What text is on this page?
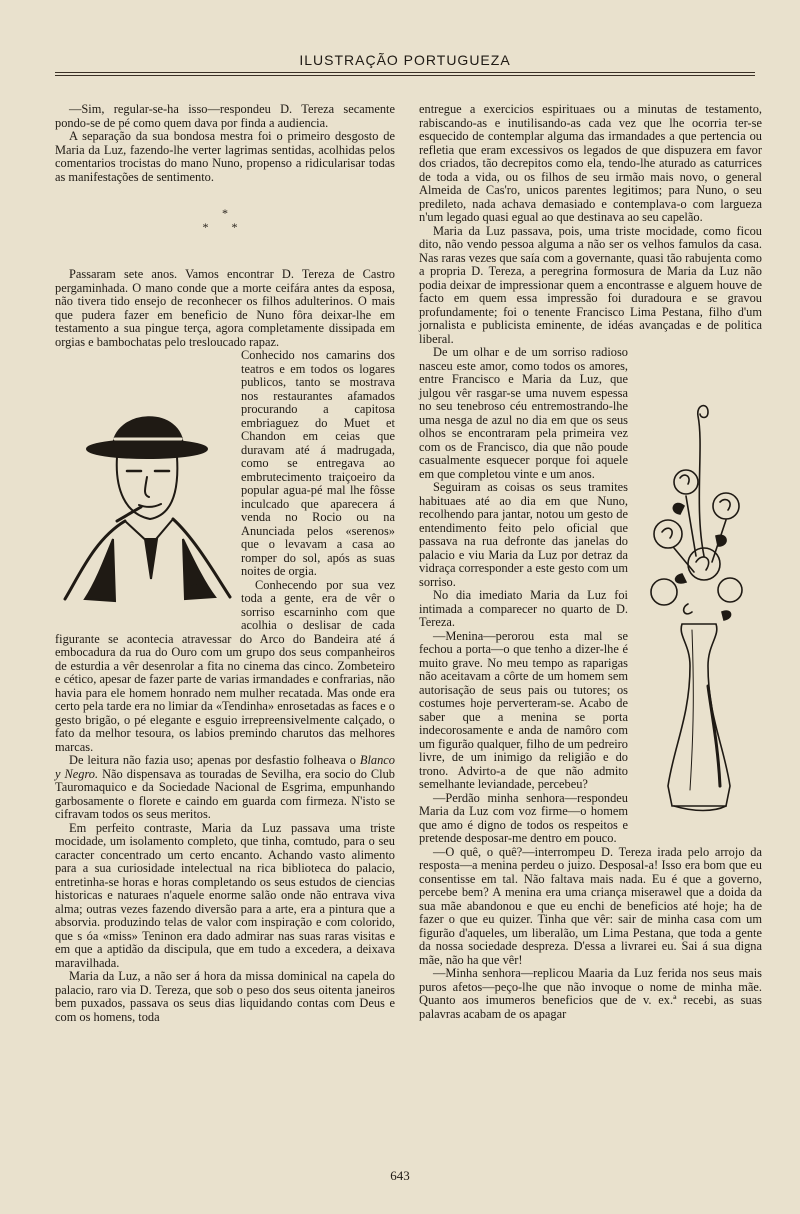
ILUSTRAÇÃO PORTUGUEZA

—Sim, regular-se-ha isso—respondeu D. Tereza secamente pondo-se de pé como quem dava por finda a audiencia.

A separação da sua bondosa mestra foi o primeiro desgosto de Maria da Luz, fazendo-lhe verter lagrimas sentidas, acolhidas pelos comentarios trocistas do mano Nuno, propenso a ridicularisar todas as manifestações de sentimento.

*
* *

Passaram sete anos. Vamos encontrar D. Tereza de Castro pergaminhada. O mano conde que a morte ceifára antes da esposa, não tivera tido ensejo de reconhecer os filhos adulterinos. O mais que pudera fazer em beneficio de Nuno fôra deixar-lhe em testamento a sua pingue terça, agora completamente dissipada em orgias e bambochatas pelo tresloucado rapaz.

Conhecido nos camarins dos teatros e em todos os logares publicos, tanto se mostrava nos restaurantes afamados procurando a capitosa embriaguez do Muet et Chandon em ceias que duravam até á madrugada, como se entregava ao embrutecimento traiçoeiro da popular agua-pé mal lhe fôsse inculcado que aparecera á venda no Rocio ou na Anunciada pelos «serenos» que o levavam a casa ao romper do sol, após as suas noites de orgia.

Conhecendo por sua vez toda a gente, era de vêr o sorriso escarninho com que acolhia o deslisar de cada figurante se acontecia atravessar do Arco do Bandeira até á embocadura da rua do Ouro com um grupo dos seus companheiros de esturdia a vêr desenrolar a fita no cinema das cinco. Zombeteiro e cético, apesar de fazer parte de varias irmandades e confrarias, não havia para ele homem honrado nem mulher recatada. Mas onde era certo pela tarde era no limiar da «Tendinha» enrosetadas as faces e o gesto brigão, o pé elegante e esguio irrepreensivelmente calçado, o fato da melhor tesoura, os labios premindo charutos das melhores marcas.

De leitura não fazia uso; apenas por desfastio folheava o Blanco y Negro. Não dispensava as touradas de Sevilha, era socio do Club Tauromaquico e da Sociedade Nacional de Esgrima, empunhando garbosamente o florete e caindo em guarda com firmeza. N'isto se cifravam todos os seus meritos.

Em perfeito contraste, Maria da Luz passava uma triste mocidade, um isolamento completo, que tinha, comtudo, para o seu caracter concentrado um certo encanto. Achando vasto alimento para a sua curiosidade intelectual na rica biblioteca do palacio, entretinha-se horas e horas completando os seus estudos de ciencias historicas e naturaes n'aquele enorme salão onde não entrava viva alma; outras vezes fazendo diversão para a arte, era a pintura que a absorvia. produzindo telas de valor com inspiração e com colorido, que s óa «miss» Teninon era dado admirar nas suas raras visitas e em que a aptidão da discipula, que em tudo a excedera, a deixava maravilhada.

Maria da Luz, a não ser á hora da missa dominical na capela do palacio, raro via D. Tereza, que sob o peso dos seus oitenta janeiros bem puxados, passava os seus dias liquidando contas com Deus e com os homens, toda

entregue a exercicios espirituaes ou a minutas de testamento, rabiscando-as e inutilisando-as cada vez que lhe ocorria ter-se esquecido de contemplar alguma das irmandades a que pertencia ou refletia que eram excessivos os legados de que dispuzera em favor dos criados, tão decrepitos como ela, tendo-lhe aturado as caturrices de toda a vida, ou os filhos de seu irmão mais novo, o general Almeida de Cas'ro, unicos parentes legitimos; para Nuno, o seu predileto, nada achava demasiado e contemplava-o com largueza n'um legado quasi egual ao que destinava ao seu capelão.

Maria da Luz passava, pois, uma triste mocidade, como ficou dito, não vendo pessoa alguma a não ser os velhos famulos da casa. Nas raras vezes que saía com a governante, quasi tão rabujenta como a propria D. Tereza, a peregrina formosura de Maria da Luz não podia deixar de impressionar quem a encontrasse e alguem houve de facto em quem essa impressão foi duradoura e se gravou profundamente; foi o tenente Francisco Lima Pestana, filho d'um jornalista e publicista eminente, de idéas avançadas e de politica liberal.

De um olhar e de um sorriso radioso nasceu este amor, como todos os amores, entre Francisco e Maria da Luz, que julgou vêr rasgar-se uma nuvem espessa no seu tenebroso céu entremostrando-lhe uma nesga de azul no dia em que os seus olhos se encontraram pela primeira vez com os de Francisco, dia que não poude casualmente esquecer porque foi aquele em que completou vinte e um anos.

Seguiram as coisas os seus tramites habituaes até ao dia em que Nuno, recolhendo para jantar, notou um gesto de entendimento feito pelo oficial que passava na rua defronte das janelas do palacio e viu Maria da Luz por detraz da vidraça corresponder a este gesto com um sorriso.

No dia imediato Maria da Luz foi intimada a comparecer no quarto de D. Tereza.

—Menina—perorou esta mal se fechou a porta—o que tenho a dizer-lhe é muito grave. No meu tempo as raparigas não aceitavam a côrte de um homem sem autorisação de seus pais ou tutores; os costumes hoje perverteram-se. Acabo de saber que a menina se porta indecorosamente e anda de namôro com um figurão qualquer, filho de um pedreiro livre, de um inimigo da religião e do trono. Advirto-a de que não admito semelhante leviandade, percebeu?

—Perdão minha senhora—respondeu Maria da Luz com voz firme—o homem que amo é digno de todos os respeitos e pretende desposar-me dentro em pouco.

—O quê, o quê?—interrompeu D. Tereza irada pelo arrojo da resposta—a menina perdeu o juizo. Desposal-a! Isso era bom que eu consentisse em tal. Não faltava mais nada. Eu é que a governo, percebe bem? A menina era uma criança miserawel que a doida da sua mãe abandonou e que eu enchi de beneficios até hoje; ha de fazer o que eu quizer. Tinha que vêr: sair de minha casa com um figurão d'aqueles, um liberalão, um Lima Pestana, que toda a gente da nossa sociedade despreza. D'essa a livrarei eu. Sai á sua digna mãe, não ha que vêr!

—Minha senhora—replicou Maaria da Luz ferida nos seus mais puros afetos—peço-lhe que não invoque o nome de minha mãe. Quanto aos imumeros beneficios que de v. ex.ª recebi, as suas palavras acabam de os apagar

643
